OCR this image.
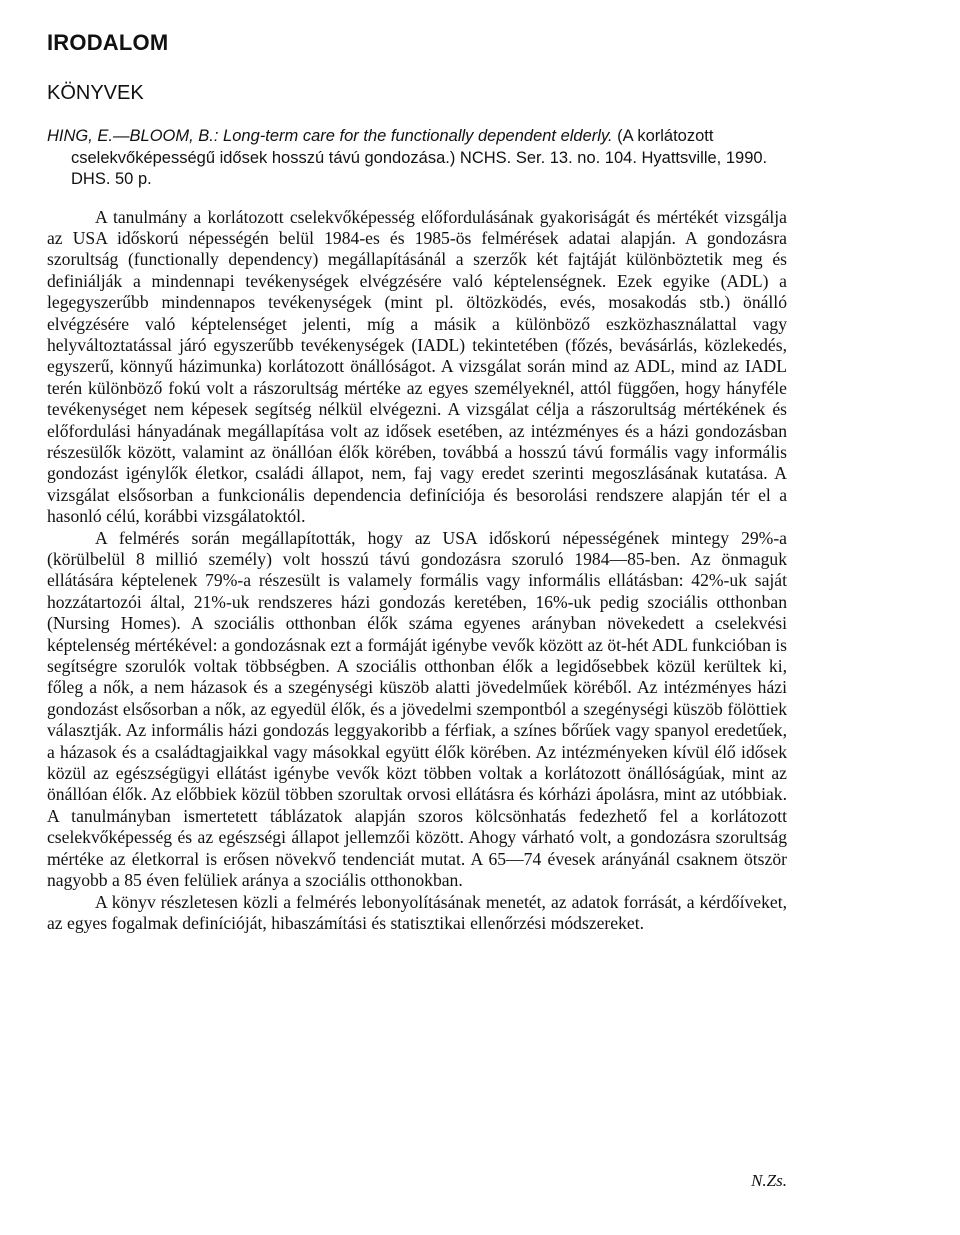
IRODALOM
KÖNYVEK
HING, E.—BLOOM, B.: Long-term care for the functionally dependent elderly. (A korlátozott cselekvőképességű idősek hosszú távú gondozása.) NCHS. Ser. 13. no. 104. Hyattsville, 1990. DHS. 50 p.

A tanulmány a korlátozott cselekvőképesség előfordulásának gyakoriságát és mértékét vizsgálja az USA időskorú népességén belül 1984-es és 1985-ös felmérések adatai alapján. A gondozásra szorultság (functionally dependency) megállapításánál a szerzők két fajtáját különböztetik meg és definiálják a mindennapi tevékenységek elvégzésére való képtelenségnek. Ezek egyike (ADL) a legegyszerűbb mindennapos tevékenységek (mint pl. öltözködés, evés, mosakodás stb.) önálló elvégzésére való képtelenséget jelenti, míg a másik a különböző eszközhasználattal vagy helyváltoztatással járó egyszerűbb tevékenységek (IADL) tekintetében (főzés, bevásárlás, közlekedés, egyszerű, könnyű házimunka) korlátozott önállóságot. A vizsgálat során mind az ADL, mind az IADL terén különböző fokú volt a rászorultság mértéke az egyes személyeknél, attól függően, hogy hányféle tevékenységet nem képesek segítség nélkül elvégezni. A vizsgálat célja a rászorultság mértékének és előfordulási hányadának megállapítása volt az idősek esetében, az intézményes és a házi gondozásban részesülők között, valamint az önállóan élők körében, továbbá a hosszú távú formális vagy informális gondozást igénylők életkor, családi állapot, nem, faj vagy eredet szerinti megoszlásának kutatása. A vizsgálat elsősorban a funkcionális dependencia definíciója és besorolási rendszere alapján tér el a hasonló célú, korábbi vizsgálatoktól.

A felmérés során megállapították, hogy az USA időskorú népességének mintegy 29%-a (körülbelül 8 millió személy) volt hosszú távú gondozásra szoruló 1984—85-ben. Az önmaguk ellátására képtelenek 79%-a részesült is valamely formális vagy informális ellátásban: 42%-uk saját hozzátartozói által, 21%-uk rendszeres házi gondozás keretében, 16%-uk pedig szociális otthonban (Nursing Homes). A szociális otthonban élők száma egyenes arányban növekedett a cselekvési képtelenség mértékével: a gondozásnak ezt a formáját igénybe vevők között az öt-hét ADL funkcióban is segítségre szorulók voltak többségben. A szociális otthonban élők a legidősebbek közül kerültek ki, főleg a nők, a nem házasok és a szegénységi küszöb alatti jövedelműek köréből. Az intézményes házi gondozást elsősorban a nők, az egyedül élők, és a jövedelmi szempontból a szegénységi küszöb fölöttiek választják. Az informális házi gondozás leggyakoribb a férfiak, a színes bőrűek vagy spanyol eredetűek, a házasok és a családtagjaikkal vagy másokkal együtt élők körében. Az intézményeken kívül élő idősek közül az egészségügyi ellátást igénybe vevők közt többen voltak a korlátozott önállóságúak, mint az önállóan élők. Az előbbiek közül többen szorultak orvosi ellátásra és kórházi ápolásra, mint az utóbbiak. A tanulmányban ismertetett táblázatok alapján szoros kölcsönhatás fedezhető fel a korlátozott cselekvőképesség és az egészségi állapot jellemzői között. Ahogy várható volt, a gondozásra szorultság mértéke az életkorral is erősen növekvő tendenciát mutat. A 65—74 évesek arányánál csaknem ötször nagyobb a 85 éven felüliek aránya a szociális otthonokban.

A könyv részletesen közli a felmérés lebonyolításának menetét, az adatok forrását, a kérdőíveket, az egyes fogalmak definícióját, hibaszámítási és statisztikai ellenőrzési módszereket.

N.Zs.
